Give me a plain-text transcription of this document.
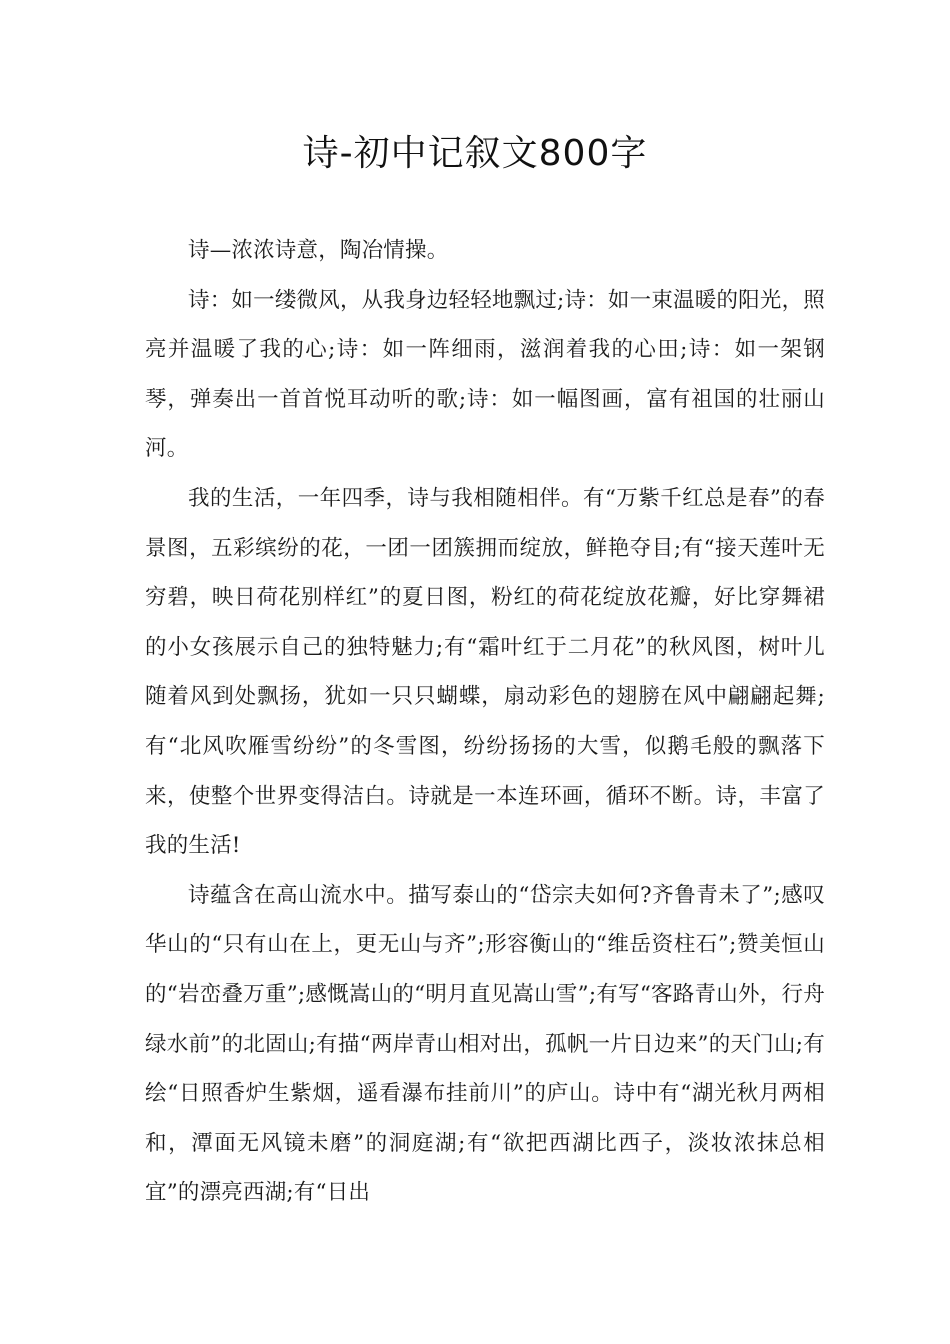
诗-初中记叙文800字

诗—浓浓诗意，陶冶情操。

诗：如一缕微风，从我身边轻轻地飘过;诗：如一束温暖的阳光，照亮并温暖了我的心;诗：如一阵细雨，滋润着我的心田;诗：如一架钢琴，弹奏出一首首悦耳动听的歌;诗：如一幅图画，富有祖国的壮丽山河。

我的生活，一年四季，诗与我相随相伴。有“万紫千红总是春”的春景图，五彩缤纷的花，一团一团簇拥而绽放，鲜艳夺目;有“接天莲叶无穷碧，映日荷花别样红”的夏日图，粉红的荷花绽放花瓣，好比穿舞裙的小女孩展示自己的独特魅力;有“霜叶红于二月花”的秋风图，树叶儿随着风到处飘扬，犹如一只只蝴蝶，扇动彩色的翅膀在风中翩翩起舞;有“北风吹雁雪纷纷”的冬雪图，纷纷扬扬的大雪，似鹅毛般的飘落下来，使整个世界变得洁白。诗就是一本连环画，循环不断。诗，丰富了我的生活!

诗蕴含在高山流水中。描写泰山的“岱宗夫如何?齐鲁青未了”;感叹华山的“只有山在上，更无山与齐”;形容衡山的“维岳资柱石”;赞美恒山的“岩峦叠万重”;感慨嵩山的“明月直见嵩山雪”;有写“客路青山外，行舟绿水前”的北固山;有描“两岸青山相对出，孤帆一片日边来”的天门山;有绘“日照香炉生紫烟，遥看瀑布挂前川”的庐山。诗中有“湖光秋月两相和，潭面无风镜未磨”的洞庭湖;有“欲把西湖比西子，淡妆浓抹总相宜”的漂亮西湖;有“日出
